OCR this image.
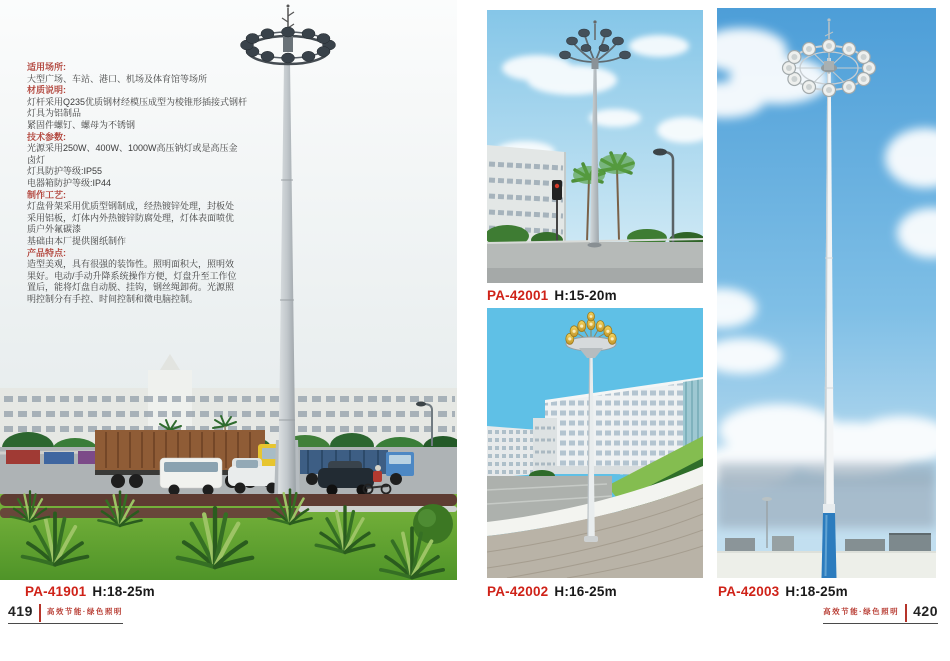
适用场所:
大型广场、车站、港口、机场及体育馆等场所
材质说明:
灯杆采用Q235优质钢材经模压成型为棱锥形插接式钢杆
灯具为铝制品
紧固件螺钉、螺母为不锈钢
技术参数:
光源采用250W、400W、1000W高压钠灯或是高压金
卤灯
灯具防护等级:IP55
电器箱防护等级:IP44
制作工艺:
灯盘骨架采用优质型钢制成，经热镀锌处理，封板处
采用铝板，灯体内外热镀锌防腐处理，灯体表面喷优
质户外氟碳漆
基础由本厂提供图纸制作
产品特点:
造型美观，具有很强的装饰性。照明面积大，照明效
果好。电动/手动升降系统操作方便，灯盘升至工作位
置后，能将灯盘自动脱、挂钩，钢丝绳卸荷。光源照
明控制分有手控、时间控制和微电脑控制。
PA-41901 H:18-25m
PA-42001 H:15-20m
PA-42002 H:16-25m	PA-42003 H:18-25m
419 高效节能·绿色照明	高效节能·绿色照明 420
